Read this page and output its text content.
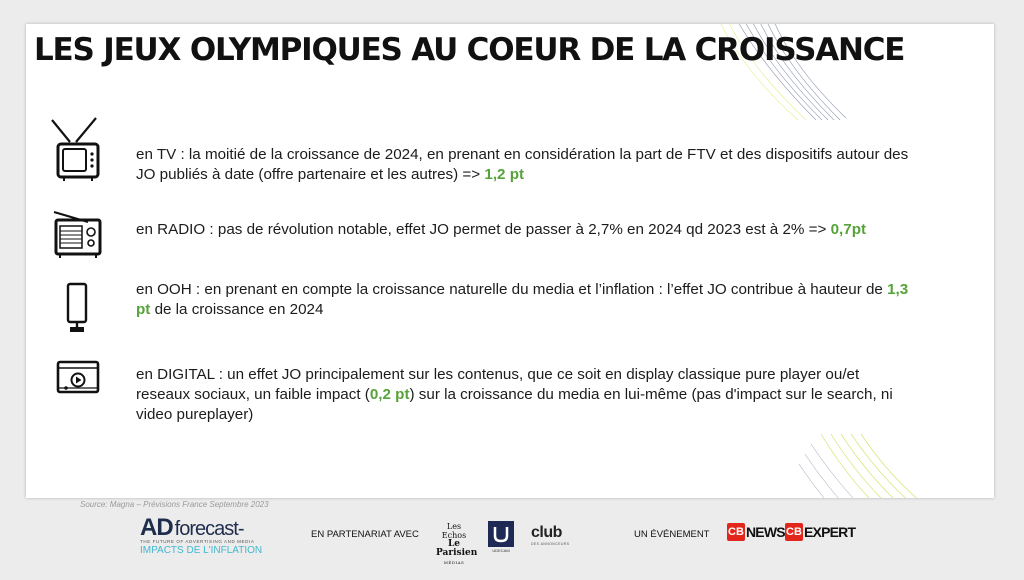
LES JEUX OLYMPIQUES AU COEUR DE LA CROISSANCE
en TV : la moitié de la croissance de 2024, en prenant en considération la part de FTV et des dispositifs autour des JO publiés à date (offre partenaire et les autres) => 1,2 pt
en RADIO : pas de révolution notable, effet JO permet de passer à 2,7% en 2024 qd 2023 est à 2% => 0,7pt
en OOH : en prenant en compte la croissance naturelle du media et l’inflation : l’effet JO contribue à hauteur de 1,3 pt de la croissance en 2024
en DIGITAL : un effet JO principalement sur les contenus, que ce soit en display classique pure player ou/et reseaux sociaux, un faible impact (0,2 pt) sur la croissance du media en lui-même (pas d'impact sur le search, ni video pureplayer)
Source: Magna – Prévisions France Septembre 2023
AD forecast-
THE FUTURE OF ADVERTISING AND MEDIA
IMPACTS DE L'INFLATION
EN PARTENARIAT AVEC
Les Echos
Le Parisien
MÉDIAS
UDECAM
club
DES ANNONCEURS
UN ÉVÉNEMENT CB NEWS CB EXPERT
